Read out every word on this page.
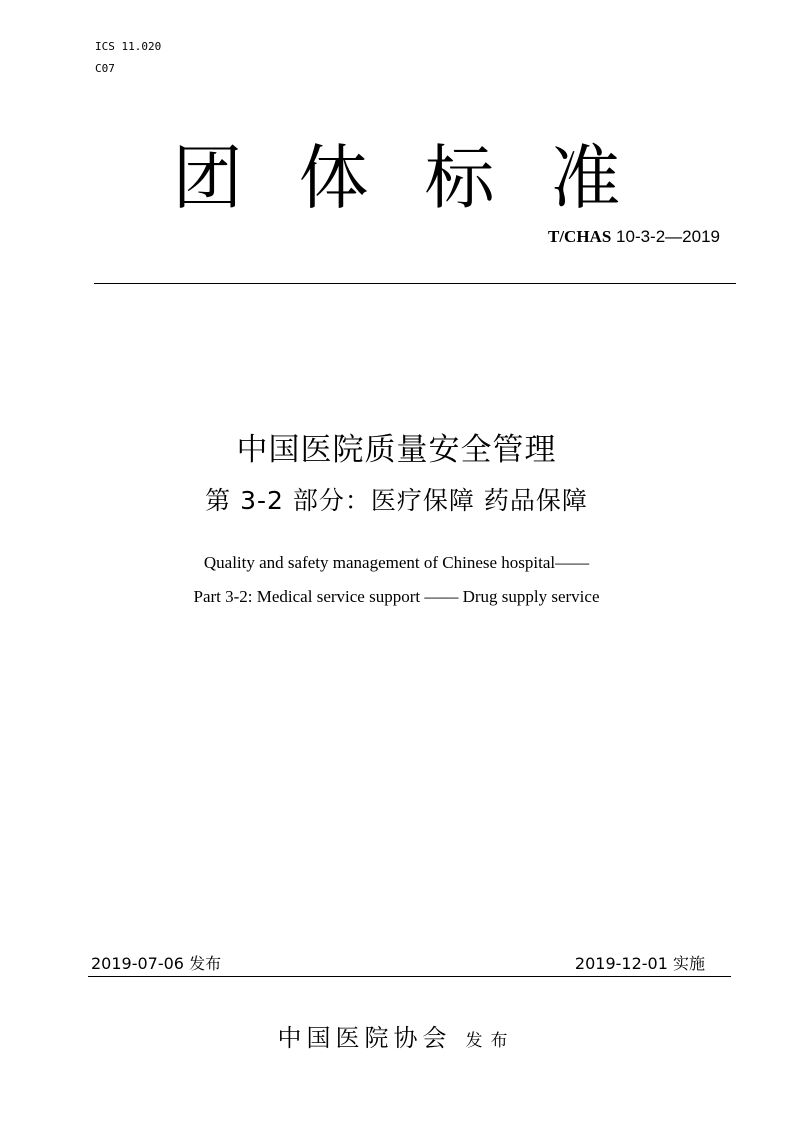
ICS 11.020
C07
团体标准
T/CHAS 10-3-2—2019
中国医院质量安全管理
第 3-2 部分：医疗保障 药品保障
Quality and safety management of Chinese hospital——
Part 3-2: Medical service support —— Drug supply service
2019-07-06 发布	2019-12-01 实施
中国医院协会 发布
